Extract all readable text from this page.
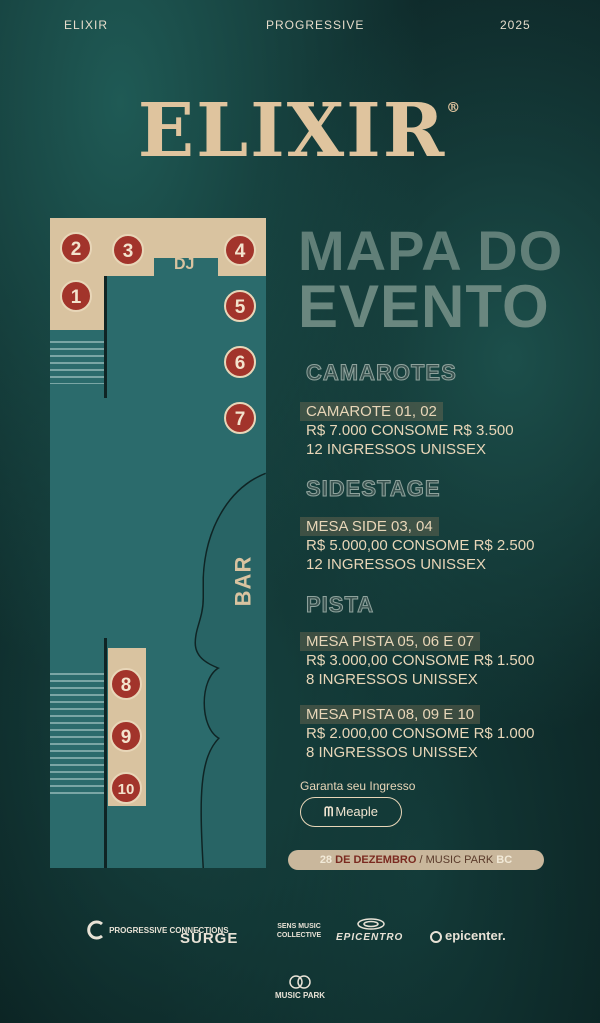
ELIXIR	PROGRESSIVE	2025
ELIXIR®
DJ
BAR
2	3	4
1	5
6
7
8
9
10
MAPA DO
EVENTO
CAMAROTES
CAMAROTE 01, 02
R$ 7.000 CONSOME R$ 3.500
12 INGRESSOS UNISSEX
SIDESTAGE
MESA SIDE 03, 04
R$ 5.000,00 CONSOME R$ 2.500
12 INGRESSOS UNISSEX
PISTA
MESA PISTA 05, 06 E 07
R$ 3.000,00 CONSOME R$ 1.500
8 INGRESSOS UNISSEX
MESA PISTA 08, 09 E 10
R$ 2.000,00 CONSOME R$ 1.000
8 INGRESSOS UNISSEX
Garanta seu Ingresso
ᗰ Meaple
28 DE DEZEMBRO / MUSIC PARK BC
PROGRESSIVE CONNECTIONS
SÜRGE
SENS MUSIC COLLECTIVE EPICENTRO	epicenter.
MUSIC PARK
